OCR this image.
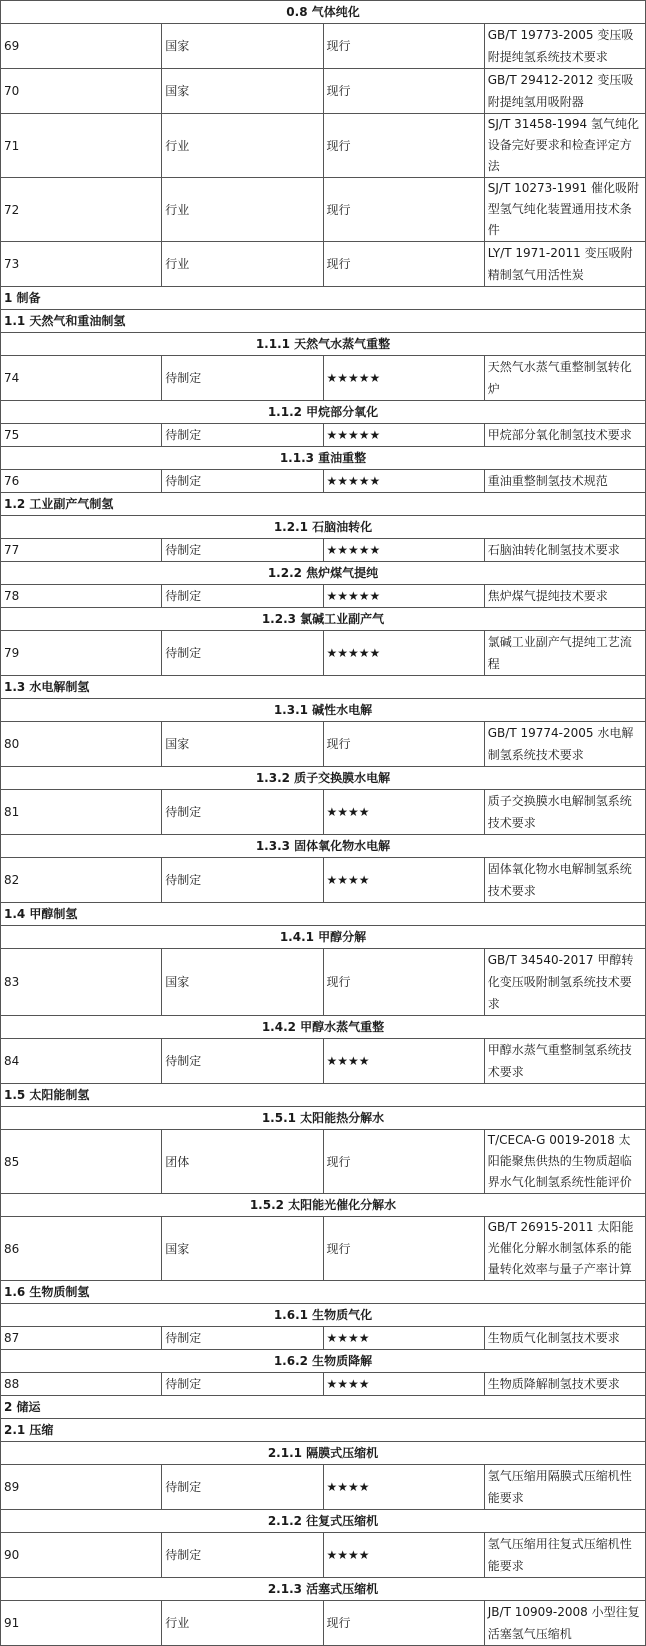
0.8 气体纯化			
69	国家	现行	GB/T 19773-2005 变压吸附提纯氢系统技术要求
70	国家	现行	GB/T 29412-2012 变压吸附提纯氢用吸附器
71	行业	现行	SJ/T 31458-1994 氢气纯化设备完好要求和检查评定方法
72	行业	现行	SJ/T 10273-1991 催化吸附型氢气纯化装置通用技术条件
73	行业	现行	LY/T 1971-2011 变压吸附精制氢气用活性炭
1 制备			
1.1 天然气和重油制氢			
1.1.1 天然气水蒸气重整			
74	待制定	★★★★★	天然气水蒸气重整制氢转化炉
1.1.2 甲烷部分氧化			
75	待制定	★★★★★	甲烷部分氧化制氢技术要求
1.1.3 重油重整			
76	待制定	★★★★★	重油重整制氢技术规范
1.2 工业副产气制氢			
1.2.1 石脑油转化			
77	待制定	★★★★★	石脑油转化制氢技术要求
1.2.2 焦炉煤气提纯			
78	待制定	★★★★★	焦炉煤气提纯技术要求
1.2.3 氯碱工业副产气			
79	待制定	★★★★★	氯碱工业副产气提纯工艺流程
1.3 水电解制氢			
1.3.1 碱性水电解			
80	国家	现行	GB/T 19774-2005 水电解制氢系统技术要求
1.3.2 质子交换膜水电解			
81	待制定	★★★★	质子交换膜水电解制氢系统技术要求
1.3.3 固体氧化物水电解			
82	待制定	★★★★	固体氧化物水电解制氢系统技术要求
1.4 甲醇制氢			
1.4.1 甲醇分解			
83	国家	现行	GB/T 34540-2017 甲醇转化变压吸附制氢系统技术要求
1.4.2 甲醇水蒸气重整			
84	待制定	★★★★	甲醇水蒸气重整制氢系统技术要求
1.5 太阳能制氢			
1.5.1 太阳能热分解水			
85	团体	现行	T/CECA-G 0019-2018 太阳能聚焦供热的生物质超临界水气化制氢系统性能评价
1.5.2 太阳能光催化分解水			
86	国家	现行	GB/T 26915-2011 太阳能光催化分解水制氢体系的能量转化效率与量子产率计算
1.6 生物质制氢			
1.6.1 生物质气化			
87	待制定	★★★★	生物质气化制氢技术要求
1.6.2 生物质降解			
88	待制定	★★★★	生物质降解制氢技术要求
2 储运			
2.1 压缩			
2.1.1 隔膜式压缩机			
89	待制定	★★★★	氢气压缩用隔膜式压缩机性能要求
2.1.2 往复式压缩机			
90	待制定	★★★★	氢气压缩用往复式压缩机性能要求
2.1.3 活塞式压缩机			
91	行业	现行	JB/T 10909-2008 小型往复活塞氢气压缩机
